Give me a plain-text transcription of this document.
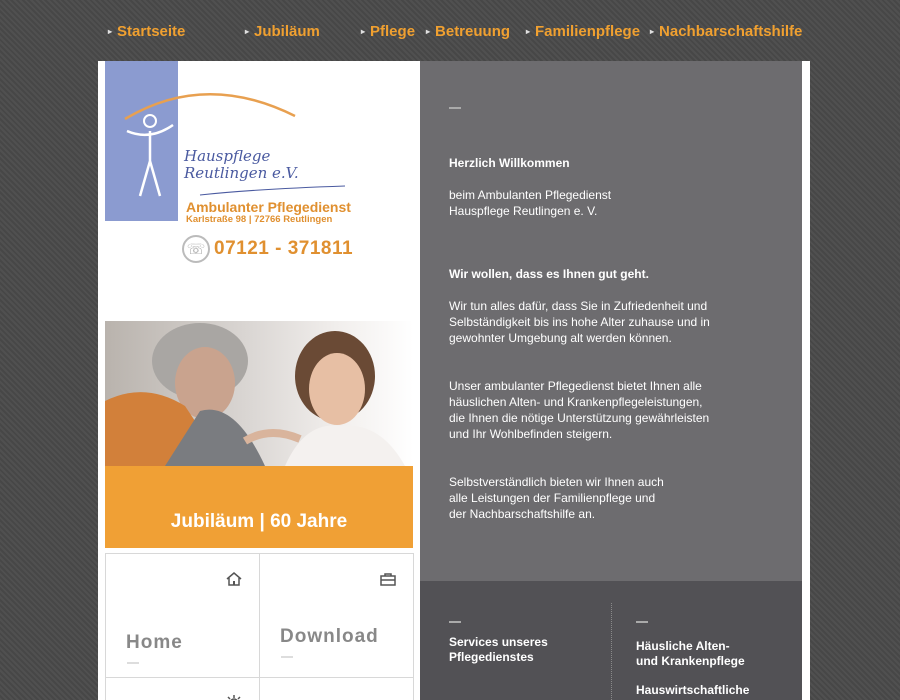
▸ Startseite	▸ Jubiläum	▸ Pflege ▸ Betreuung ▸ Familienpflege ▸ Nachbarschaftshilfe
Hauspflege
Reutlingen e.V.
Ambulanter Pflegedienst
Karlstraße 98 | 72766 Reutlingen
☏ 07121 - 371811
Jubiläum | 60 Jahre
Home	Download
Herzlich Willkommen
beim Ambulanten Pflegedienst
Hauspflege Reutlingen e. V.
Wir wollen, dass es Ihnen gut geht.
Wir tun alles dafür, dass Sie in Zufriedenheit und
Selbständigkeit bis ins hohe Alter zuhause und in
gewohnter Umgebung alt werden können.
Unser ambulanter Pflegedienst bietet Ihnen alle
häuslichen Alten- und Krankenpflegeleistungen,
die Ihnen die nötige Unterstützung gewährleisten
und Ihr Wohlbefinden steigern.
Selbstverständlich bieten wir Ihnen auch
alle Leistungen der Familienpflege und
der Nachbarschaftshilfe an.
Services unseres
Pflegedienstes
Häusliche Alten-
und Krankenpflege
Hauswirtschaftliche
